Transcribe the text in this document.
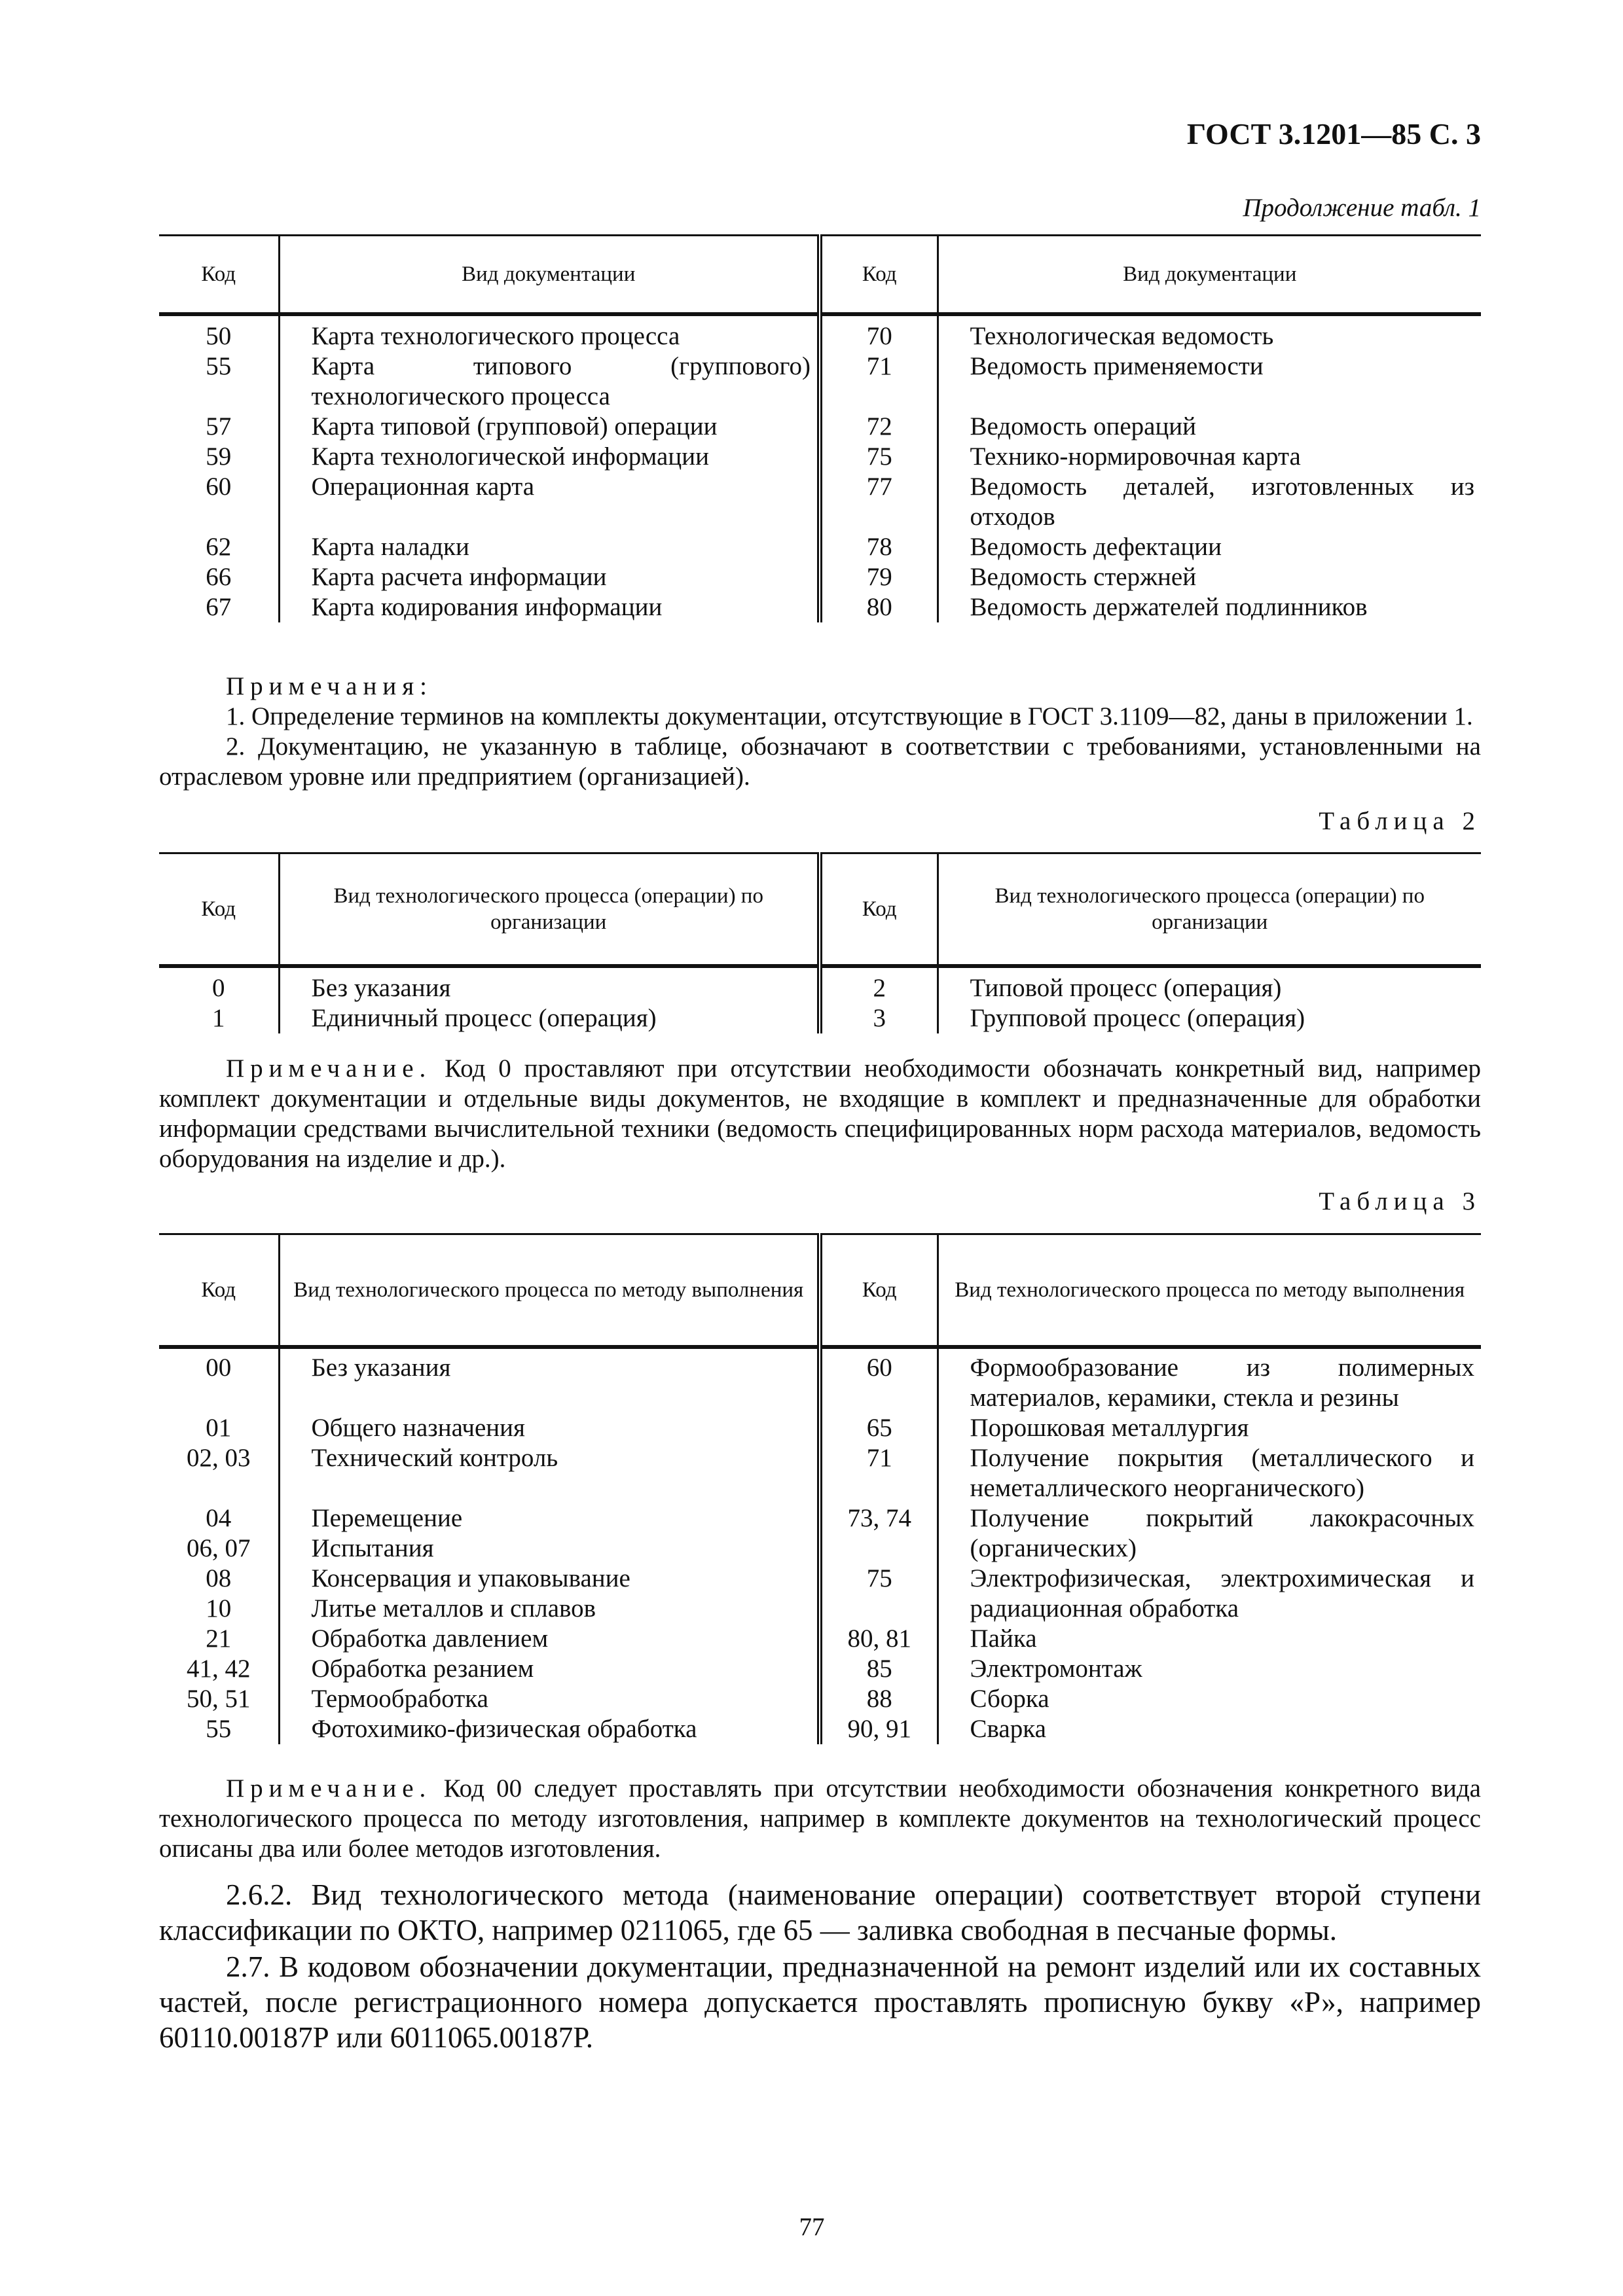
ГОСТ 3.1201—85 С. 3
Продолжение табл. 1
Код	Вид документации	Код	Вид документации
50	Карта технологического процесса	70	Технологическая ведомость
55	Карта типового (группового) технологического процесса	71	Ведомость применяемости
57	Карта типовой (групповой) операции	72	Ведомость операций
59	Карта технологической информации	75	Технико-нормировочная карта
60	Операционная карта	77	Ведомость деталей, изготовленных из отходов
62	Карта наладки	78	Ведомость дефектации
66	Карта расчета информации	79	Ведомость стержней
67	Карта кодирования информации	80	Ведомость держателей подлинников
Примечания:
1. Определение терминов на комплекты документации, отсутствующие в ГОСТ 3.1109—82, даны в приложении 1.
2. Документацию, не указанную в таблице, обозначают в соответствии с требованиями, установленными на отраслевом уровне или предприятием (организацией).
Таблица 2
Код	Вид технологического процесса (операции) по организации	Код	Вид технологического процесса (операции) по организации
0	Без указания	2	Типовой процесс (операция)
1	Единичный процесс (операция)	3	Групповой процесс (операция)
Примечание. Код 0 проставляют при отсутствии необходимости обозначать конкретный вид, например комплект документации и отдельные виды документов, не входящие в комплект и предназначенные для обработки информации средствами вычислительной техники (ведомость специфицированных норм расхода материалов, ведомость оборудования на изделие и др.).
Таблица 3
Код	Вид технологического процесса по методу выполнения	Код	Вид технологического процесса по методу выполнения
00	Без указания	60	Формообразование из полимерных материалов, керамики, стекла и резины

01	Общего назначения	65	Порошковая металлургия
02, 03	Технический контроль	71	Получение покрытия (металлического и неметаллического неорганического)

04	Перемещение	73, 74	Получение покрытий лакокрасочных (органических)
06, 07	Испытания		
08	Консервация и упаковывание	75	Электрофизическая, электрохимическая и радиационная обработка
10	Литье металлов и сплавов		
21	Обработка давлением	80, 81	Пайка
41, 42	Обработка резанием	85	Электромонтаж
50, 51	Термообработка	88	Сборка
55	Фотохимико-физическая обработка	90, 91	Сварка
Примечание. Код 00 следует проставлять при отсутствии необходимости обозначения конкретного вида технологического процесса по методу изготовления, например в комплекте документов на технологический процесс описаны два или более методов изготовления.
2.6.2. Вид технологического метода (наименование операции) соответствует второй ступени классификации по ОКТО, например 0211065, где 65 — заливка свободная в песчаные формы.
2.7. В кодовом обозначении документации, предназначенной на ремонт изделий или их составных частей, после регистрационного номера допускается проставлять прописную букву «Р», например 60110.00187Р или 6011065.00187Р.
77
